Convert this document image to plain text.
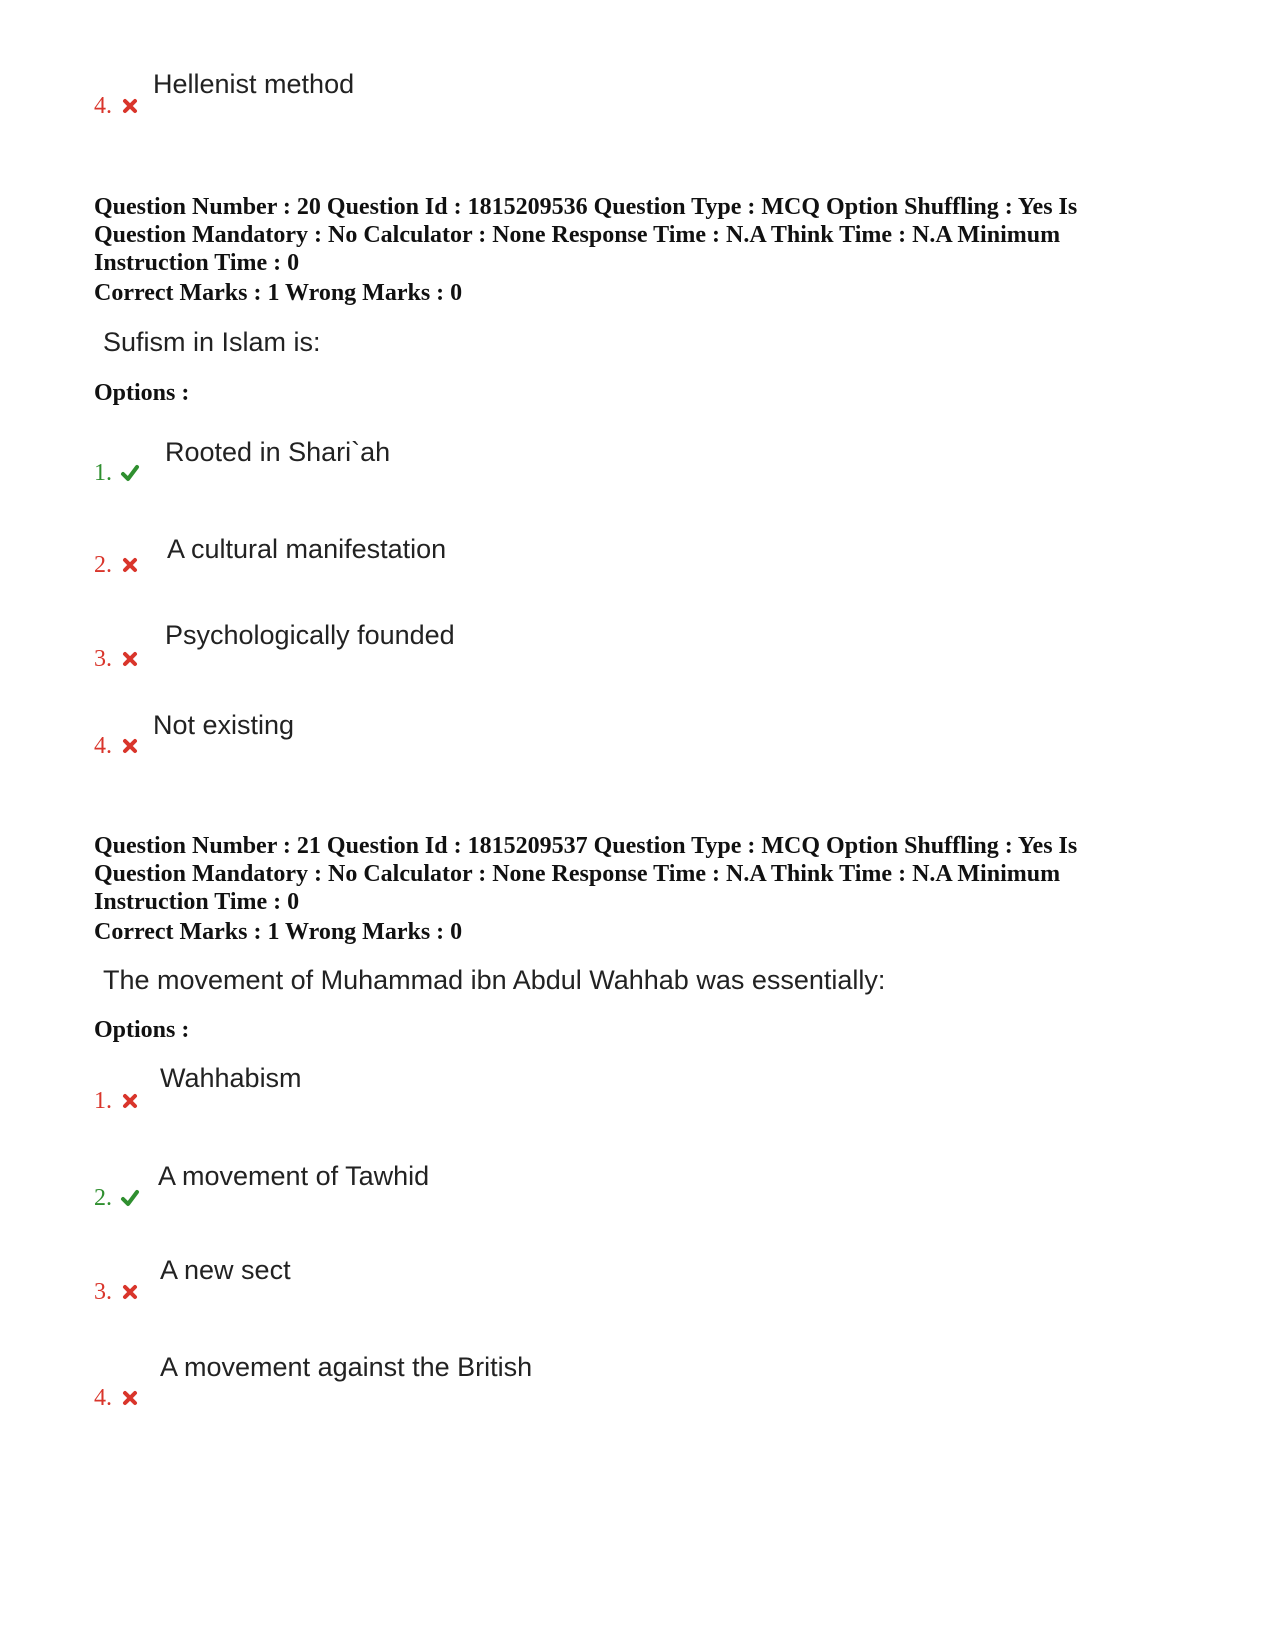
Hellenist method
4.
Question Number : 20 Question Id : 1815209536 Question Type : MCQ Option Shuffling : Yes Is
Question Mandatory : No Calculator : None Response Time : N.A Think Time : N.A Minimum
Instruction Time : 0
Correct Marks : 1 Wrong Marks : 0
Sufism in Islam is:
Options :
Rooted in Shari`ah
1.
A cultural manifestation
2.
Psychologically founded
3.
Not existing
4.
Question Number : 21 Question Id : 1815209537 Question Type : MCQ Option Shuffling : Yes Is
Question Mandatory : No Calculator : None Response Time : N.A Think Time : N.A Minimum
Instruction Time : 0
Correct Marks : 1 Wrong Marks : 0
The movement of Muhammad ibn Abdul Wahhab was essentially:
Options :
Wahhabism
1.
A movement of Tawhid
2.
A new sect
3.
A movement against the British
4.
